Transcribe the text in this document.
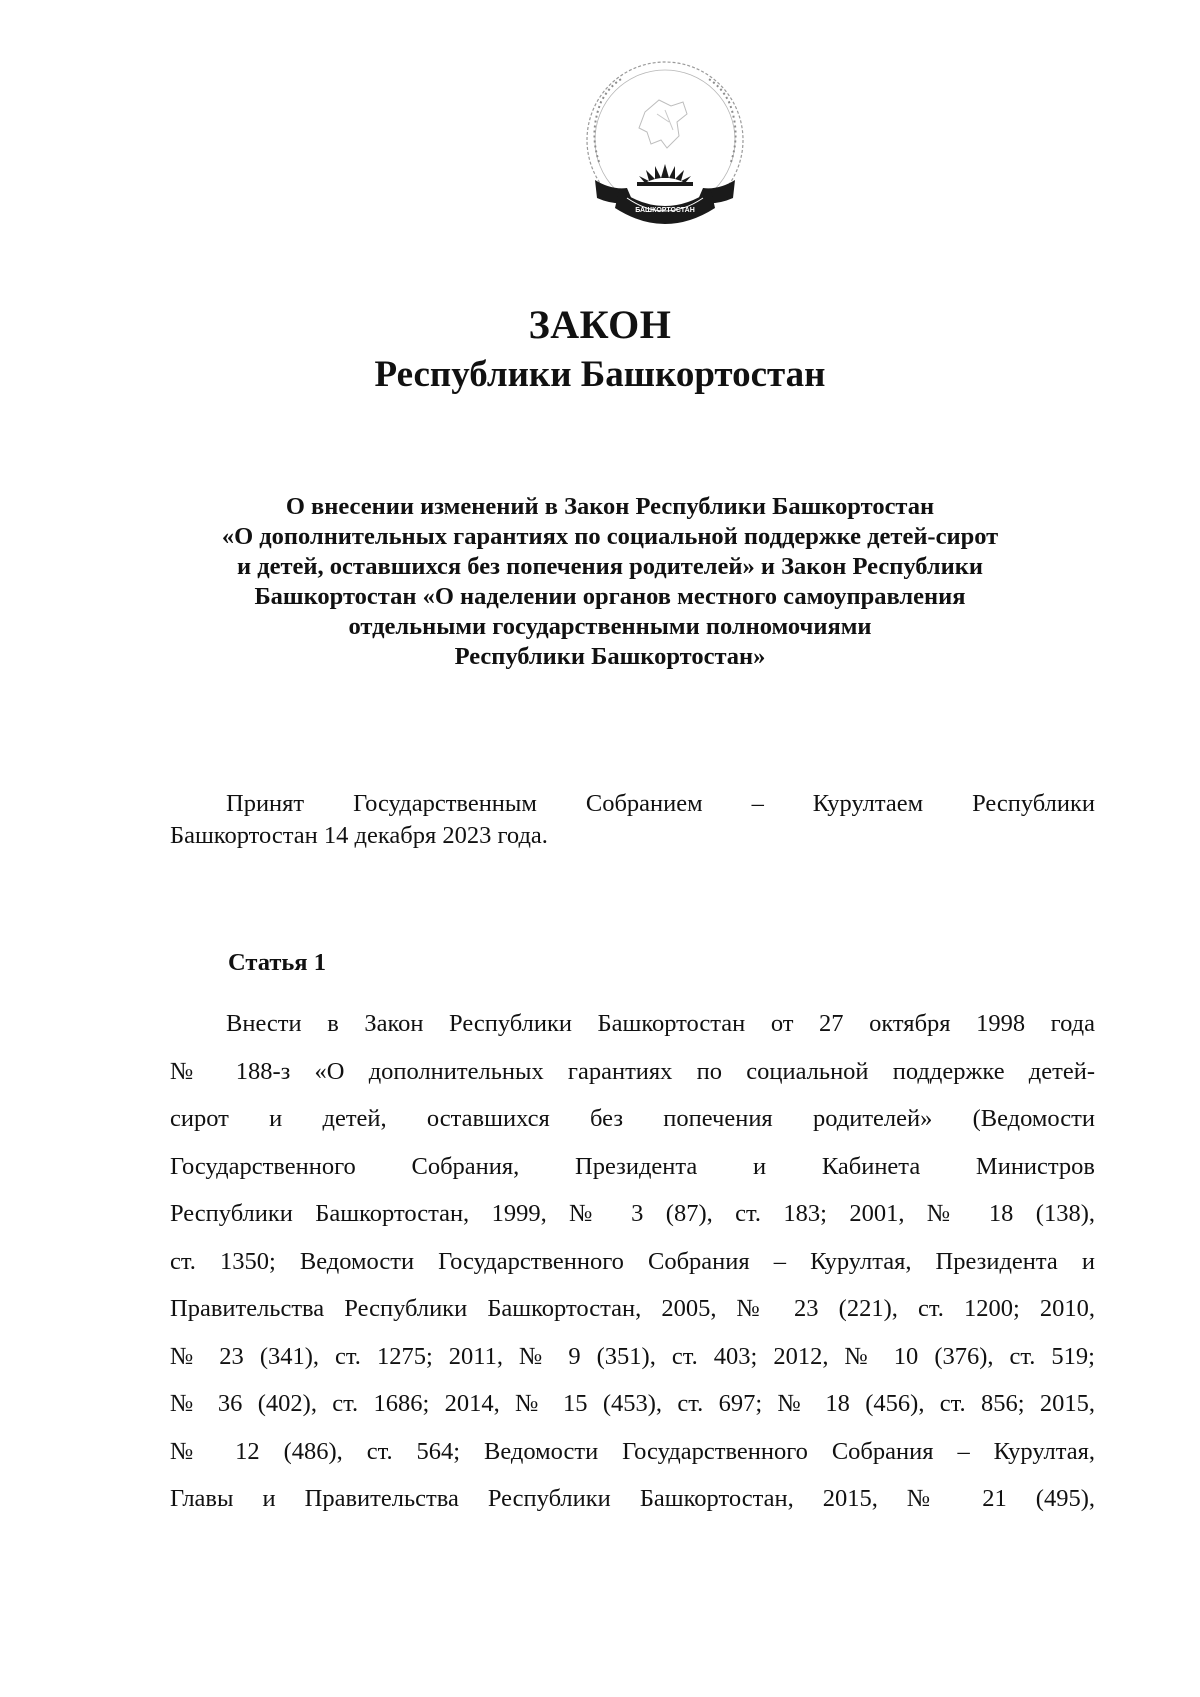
БАШКОРТОСТАН
ЗАКОН
Республики Башкортостан
О внесении изменений в Закон Республики Башкортостан
«О дополнительных гарантиях по социальной поддержке детей-сирот
и детей, оставшихся без попечения родителей» и Закон Республики
Башкортостан «О наделении органов местного самоуправления
отдельными государственными полномочиями
Республики Башкортостан»
Принят Государственным Собранием – Курултаем Республики
Башкортостан 14 декабря 2023 года.
Статья 1
Внести в Закон Республики Башкортостан от 27 октября 1998 года
№ 188-з «О дополнительных гарантиях по социальной поддержке детей-
сирот и детей, оставшихся без попечения родителей» (Ведомости
Государственного Собрания, Президента и Кабинета Министров
Республики Башкортостан, 1999, № 3 (87), ст. 183; 2001, № 18 (138),
ст. 1350; Ведомости Государственного Собрания – Курултая, Президента и
Правительства Республики Башкортостан, 2005, № 23 (221), ст. 1200; 2010,
№ 23 (341), ст. 1275; 2011, № 9 (351), ст. 403; 2012, № 10 (376), ст. 519;
№ 36 (402), ст. 1686; 2014, № 15 (453), ст. 697; № 18 (456), ст. 856; 2015,
№ 12 (486), ст. 564; Ведомости Государственного Собрания – Курултая,
Главы и Правительства Республики Башкортостан, 2015, № 21 (495),
